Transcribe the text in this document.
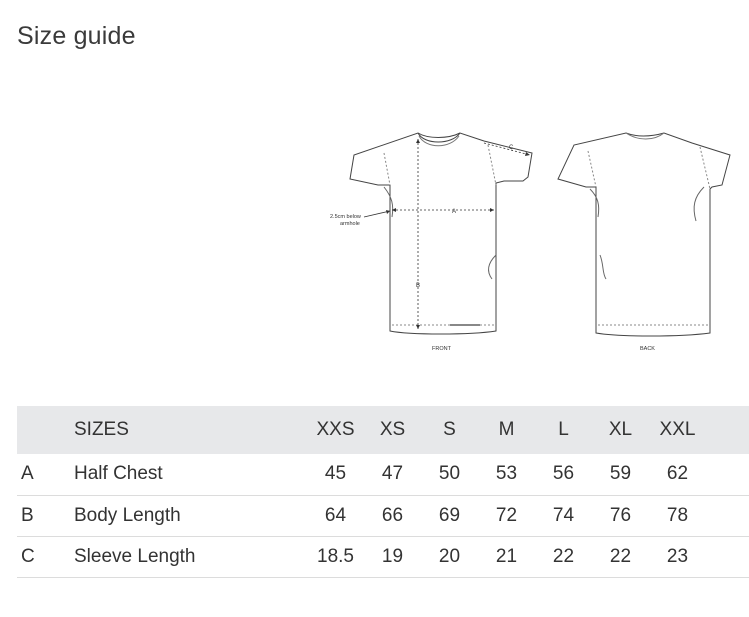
Size guide
A
B
C
2.5cm below
armhole
FRONT	BACK
	SIZES	XXS	XS	S	M	L	XL	XXL	
A	Half Chest	45	47	50	53	56	59	62	
B	Body Length	64	66	69	72	74	76	78	
C	Sleeve Length	18.5	19	20	21	22	22	23	
